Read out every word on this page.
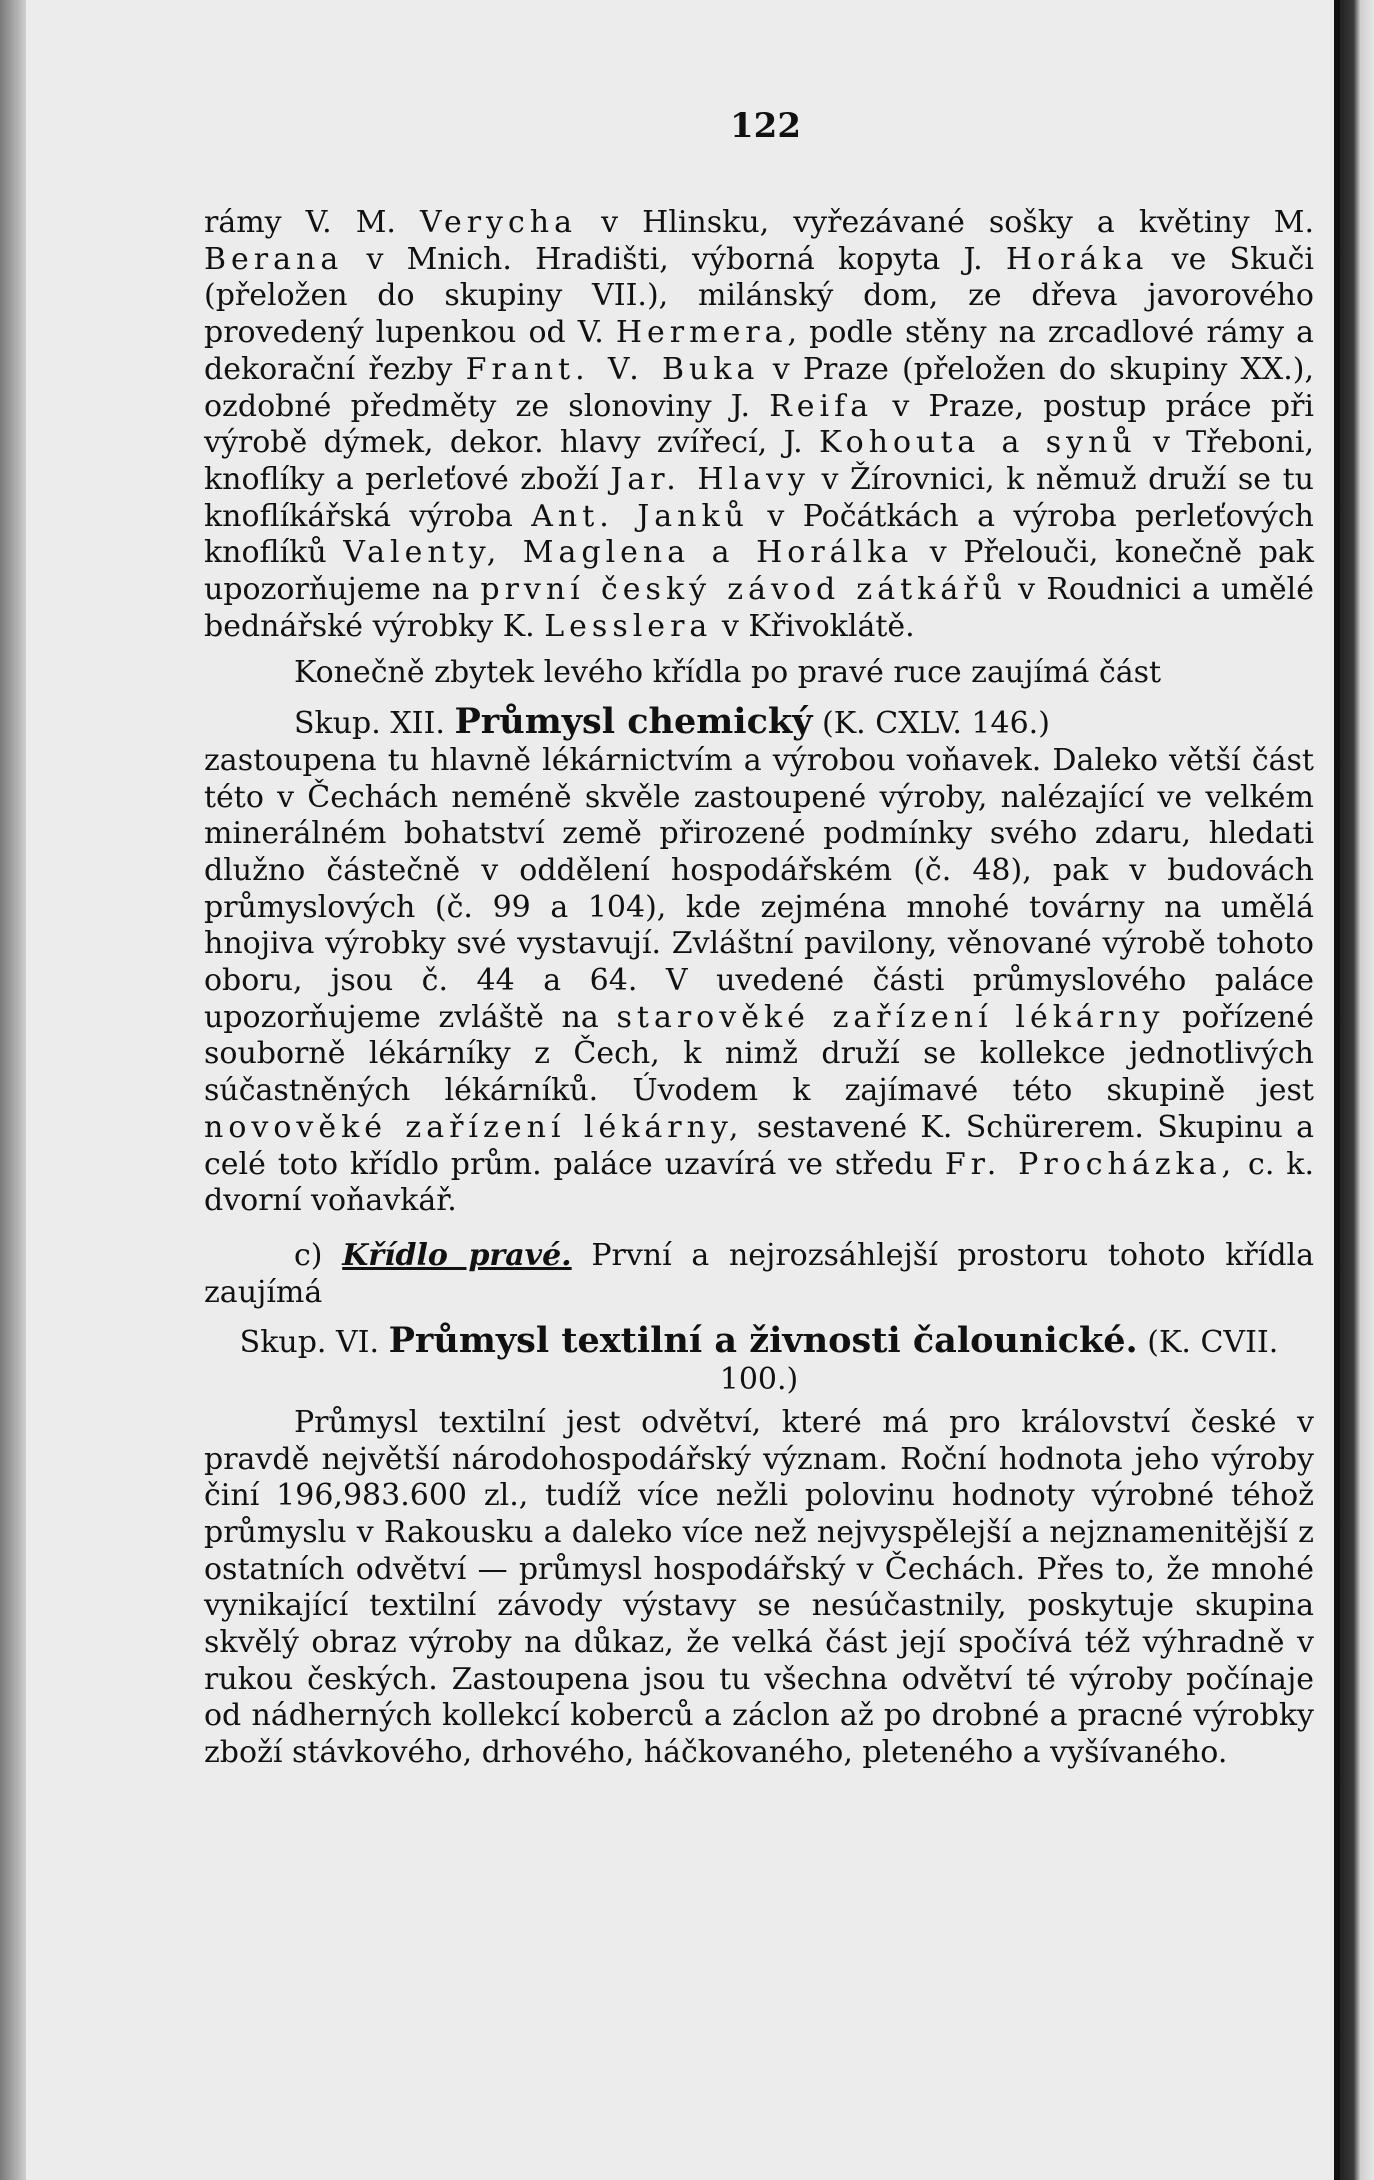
122

rámy V. M. Verycha v Hlinsku, vyřezávané sošky a květiny M. Berana v Mnich. Hradišti, výborná kopyta J. Horáka ve Skuči (přeložen do skupiny VII.), milánský dom, ze dřeva javorového provedený lupenkou od V. Hermera, podle stěny na zrcadlové rámy a dekorační řezby Frant. V. Buka v Praze (přeložen do skupiny XX.), ozdobné předměty ze slonoviny J. Reifa v Praze, postup práce při výrobě dýmek, dekor. hlavy zvířecí, J. Kohouta a synů v Třeboni, knoflíky a perleťové zboží Jar. Hlavy v Žírovnici, k němuž druží se tu knoflíkářská výroba Ant. Janků v Počátkách a výroba perleťových knoflíků Valenty, Maglena a Horálka v Přelouči, konečně pak upozorňujeme na první český závod zátkářů v Roudnici a umělé bednářské výrobky K. Lesslera v Křivoklátě.

Konečně zbytek levého křídla po pravé ruce zaujímá část

Skup. XII. Průmysl chemický (K. CXLV. 146.)

zastoupena tu hlavně lékárnictvím a výrobou voňavek. Daleko větší část této v Čechách neméně skvěle zastoupené výroby, nalézající ve velkém minerálném bohatství země přirozené podmínky svého zdaru, hledati dlužno částečně v oddělení hospodářském (č. 48), pak v budovách průmyslových (č. 99 a 104), kde zejména mnohé továrny na umělá hnojiva výrobky své vystavují. Zvláštní pavilony, věnované výrobě tohoto oboru, jsou č. 44 a 64. V uvedené části průmyslového paláce upozorňujeme zvláště na starověké zařízení lékárny pořízené souborně lékárníky z Čech, k nimž druží se kollekce jednotlivých súčastněných lékárníků. Úvodem k zajímavé této skupině jest novověké zařízení lékárny, sestavené K. Schürerem. Skupinu a celé toto křídlo prům. paláce uzavírá ve středu Fr. Procházka, c. k. dvorní voňavkář.

c) Křídlo pravé. První a nejrozsáhlejší prostoru tohoto křídla zaujímá

Skup. VI. Průmysl textilní a živnosti čalounické. (K. CVII. 100.)

Průmysl textilní jest odvětví, které má pro království české v pravdě největší národohospodářský význam. Roční hodnota jeho výroby činí 196,983.600 zl., tudíž více nežli polovinu hodnoty výrobné téhož průmyslu v Rakousku a daleko více než nejvyspělejší a nejznamenitější z ostatních odvětví — průmysl hospodářský v Čechách. Přes to, že mnohé vynikající textilní závody výstavy se nesúčastnily, poskytuje skupina skvělý obraz výroby na důkaz, že velká část její spočívá též výhradně v rukou českých. Zastoupena jsou tu všechna odvětví té výroby počínaje od nádherných kollekcí koberců a záclon až po drobné a pracné výrobky zboží stávkového, drhového, háčkovaného, pleteného a vyšívaného.
